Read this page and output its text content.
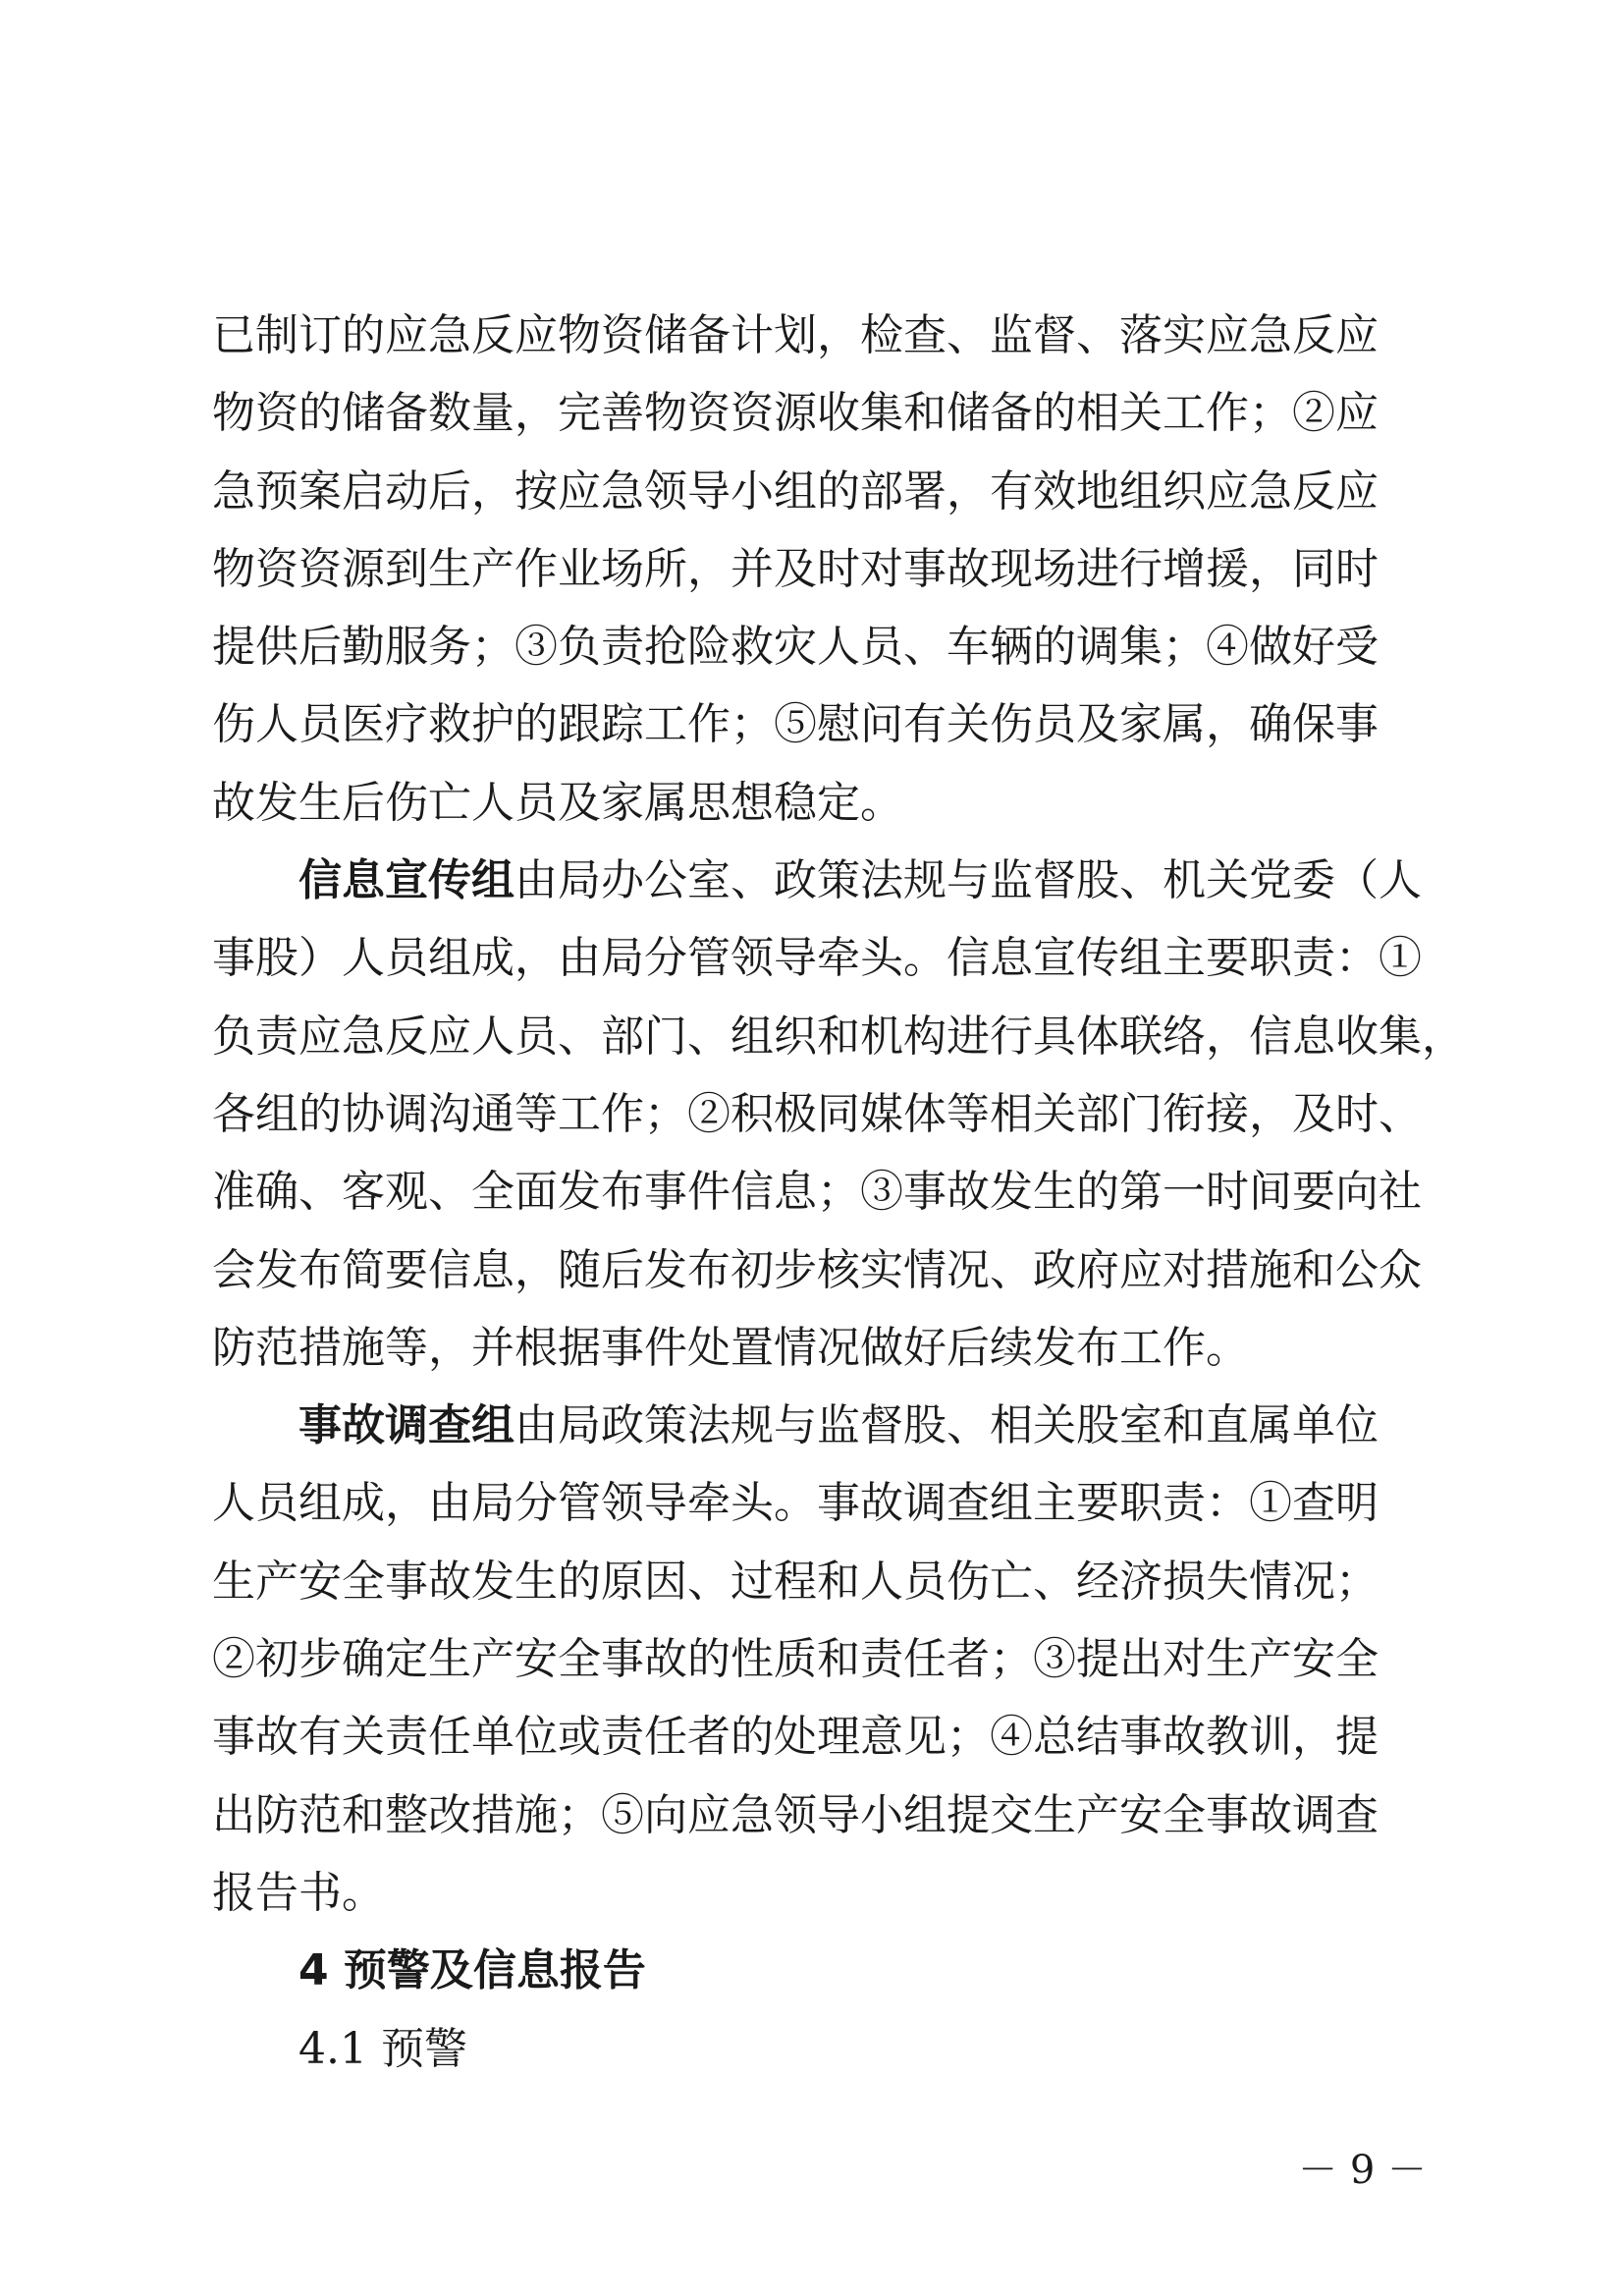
已制订的应急反应物资储备计划，检查、监督、落实应急反应
物资的储备数量，完善物资资源收集和储备的相关工作；②应
急预案启动后，按应急领导小组的部署，有效地组织应急反应
物资资源到生产作业场所，并及时对事故现场进行增援，同时
提供后勤服务；③负责抢险救灾人员、车辆的调集；④做好受
伤人员医疗救护的跟踪工作；⑤慰问有关伤员及家属，确保事
故发生后伤亡人员及家属思想稳定。
信息宣传组由局办公室、政策法规与监督股、机关党委（人
事股）人员组成，由局分管领导牵头。信息宣传组主要职责：①
负责应急反应人员、部门、组织和机构进行具体联络，信息收集，
各组的协调沟通等工作；②积极同媒体等相关部门衔接，及时、
准确、客观、全面发布事件信息；③事故发生的第一时间要向社
会发布简要信息，随后发布初步核实情况、政府应对措施和公众
防范措施等，并根据事件处置情况做好后续发布工作。
事故调查组由局政策法规与监督股、相关股室和直属单位
人员组成，由局分管领导牵头。事故调查组主要职责：①查明
生产安全事故发生的原因、过程和人员伤亡、经济损失情况；
②初步确定生产安全事故的性质和责任者；③提出对生产安全
事故有关责任单位或责任者的处理意见；④总结事故教训，提
出防范和整改措施；⑤向应急领导小组提交生产安全事故调查
报告书。
4 预警及信息报告
4.1 预警
－ 9 －
